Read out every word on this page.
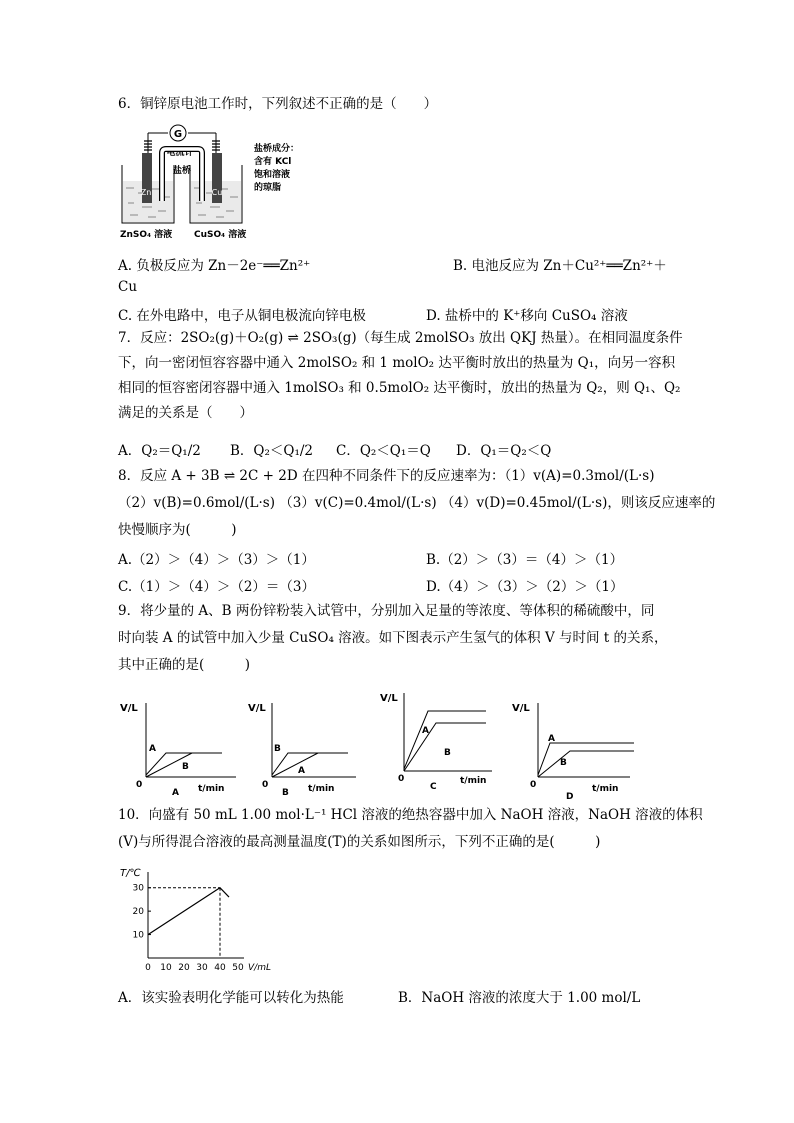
6．铜锌原电池工作时，下列叙述不正确的是（　　）
G
电流计
Zn	Cu
盐桥
ZnSO₄ 溶液 CuSO₄ 溶液
盐桥成分：
含有 KCl
饱和溶液
的琼脂
A. 负极反应为 Zn－2e⁻══Zn²⁺	B. 电池反应为 Zn＋Cu²⁺══Zn²⁺＋
Cu
C. 在外电路中，电子从铜电极流向锌电极	D. 盐桥中的 K⁺移向 CuSO₄ 溶液
7．反应：2SO₂(g)＋O₂(g) ⇌ 2SO₃(g)（每生成 2molSO₃ 放出 QKJ 热量）。在相同温度条件
下，向一密闭恒容容器中通入 2molSO₂ 和 1 molO₂ 达平衡时放出的热量为 Q₁，向另一容积
相同的恒容密闭容器中通入 1molSO₃ 和 0.5molO₂ 达平衡时，放出的热量为 Q₂，则 Q₁、Q₂
满足的关系是（　　）
A．Q₂＝Q₁/2 B．Q₂＜Q₁/2 C．Q₂＜Q₁＝Q D．Q₁＝Q₂＜Q
8．反应 A + 3B ⇌ 2C + 2D 在四种不同条件下的反应速率为：（1）v(A)=0.3mol/(L·s)
（2）v(B)=0.6mol/(L·s) （3）v(C)=0.4mol/(L·s) （4）v(D)=0.45mol/(L·s)，则该反应速率的
快慢顺序为(　　　)
A.（2）＞（4）＞（3）＞（1）	B.（2）＞（3）＝（4）＞（1）
C.（1）＞（4）＞（2）＝（3）	D.（4）＞（3）＞（2）＞（1）
9．将少量的 A、B 两份锌粉装入试管中，分别加入足量的等浓度、等体积的稀硫酸中，同
时向装 A 的试管中加入少量 CuSO₄ 溶液。如下图表示产生氢气的体积 V 与时间 t 的关系，
其中正确的是(　　　)
V/L
0
A
B
t/min
A
V/L
0
B
A
t/min
B
V/L
0
A
B
t/min
C
V/L
0
A
B
t/min
D
10．向盛有 50 mL 1.00 mol·L⁻¹ HCl 溶液的绝热容器中加入 NaOH 溶液，NaOH 溶液的体积
(V)与所得混合溶液的最高测量温度(T)的关系如图所示，下列不正确的是(　　　)
T/℃
0 10 20 30 40 50 V/mL
10
20
30
A．该实验表明化学能可以转化为热能	B．NaOH 溶液的浓度大于 1.00 mol/L
